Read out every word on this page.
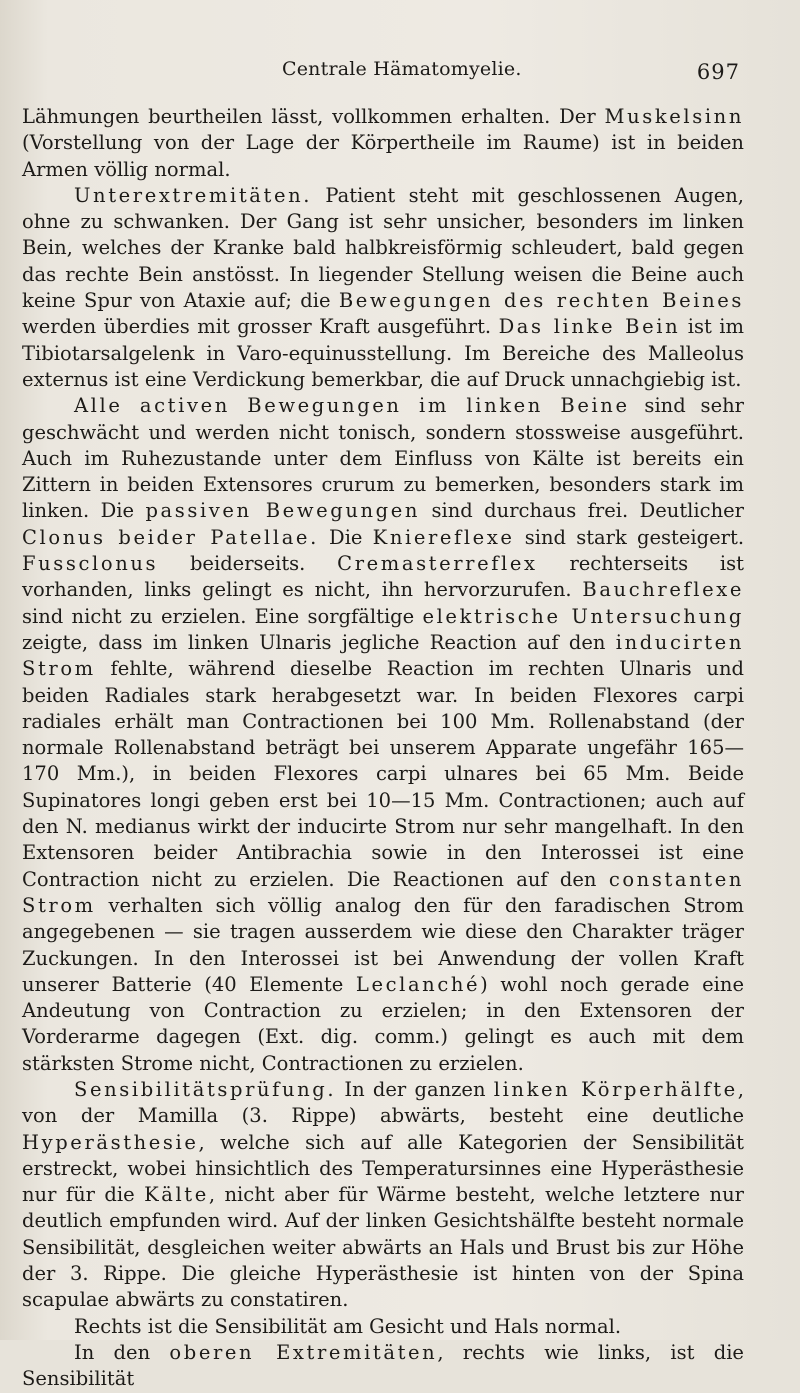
Centrale Hämatomyelie.	697

Lähmungen beurtheilen lässt, vollkommen erhalten. Der Muskelsinn (Vorstellung von der Lage der Körpertheile im Raume) ist in beiden Armen völlig normal.

Unterextremitäten. Patient steht mit geschlossenen Augen, ohne zu schwanken. Der Gang ist sehr unsicher, besonders im linken Bein, welches der Kranke bald halbkreisförmig schleudert, bald gegen das rechte Bein anstösst. In liegender Stellung weisen die Beine auch keine Spur von Ataxie auf; die Bewegungen des rechten Beines werden überdies mit grosser Kraft ausgeführt. Das linke Bein ist im Tibiotarsalgelenk in Varo-equinusstellung. Im Bereiche des Malleolus externus ist eine Verdickung bemerkbar, die auf Druck unnachgiebig ist.

Alle activen Bewegungen im linken Beine sind sehr geschwächt und werden nicht tonisch, sondern stossweise ausgeführt. Auch im Ruhezustande unter dem Einfluss von Kälte ist bereits ein Zittern in beiden Extensores crurum zu bemerken, besonders stark im linken. Die passiven Bewegungen sind durchaus frei. Deutlicher Clonus beider Patellae. Die Kniereflexe sind stark gesteigert. Fussclonus beiderseits. Cremasterreflex rechterseits ist vorhanden, links gelingt es nicht, ihn hervorzurufen. Bauchreflexe sind nicht zu erzielen. Eine sorgfältige elektrische Untersuchung zeigte, dass im linken Ulnaris jegliche Reaction auf den inducirten Strom fehlte, während dieselbe Reaction im rechten Ulnaris und beiden Radiales stark herabgesetzt war. In beiden Flexores carpi radiales erhält man Contractionen bei 100 Mm. Rollenabstand (der normale Rollenabstand beträgt bei unserem Apparate ungefähr 165—170 Mm.), in beiden Flexores carpi ulnares bei 65 Mm. Beide Supinatores longi geben erst bei 10—15 Mm. Contractionen; auch auf den N. medianus wirkt der inducirte Strom nur sehr mangelhaft. In den Extensoren beider Antibrachia sowie in den Interossei ist eine Contraction nicht zu erzielen. Die Reactionen auf den constanten Strom verhalten sich völlig analog den für den faradischen Strom angegebenen — sie tragen ausserdem wie diese den Charakter träger Zuckungen. In den Interossei ist bei Anwendung der vollen Kraft unserer Batterie (40 Elemente Leclanché) wohl noch gerade eine Andeutung von Contraction zu erzielen; in den Extensoren der Vorderarme dagegen (Ext. dig. comm.) gelingt es auch mit dem stärksten Strome nicht, Contractionen zu erzielen.

Sensibilitätsprüfung. In der ganzen linken Körperhälfte, von der Mamilla (3. Rippe) abwärts, besteht eine deutliche Hyperästhesie, welche sich auf alle Kategorien der Sensibilität erstreckt, wobei hinsichtlich des Temperatursinnes eine Hyperästhesie nur für die Kälte, nicht aber für Wärme besteht, welche letztere nur deutlich empfunden wird. Auf der linken Gesichtshälfte besteht normale Sensibilität, desgleichen weiter abwärts an Hals und Brust bis zur Höhe der 3. Rippe. Die gleiche Hyperästhesie ist hinten von der Spina scapulae abwärts zu constatiren.

Rechts ist die Sensibilität am Gesicht und Hals normal.

In den oberen Extremitäten, rechts wie links, ist die Sensibilität
